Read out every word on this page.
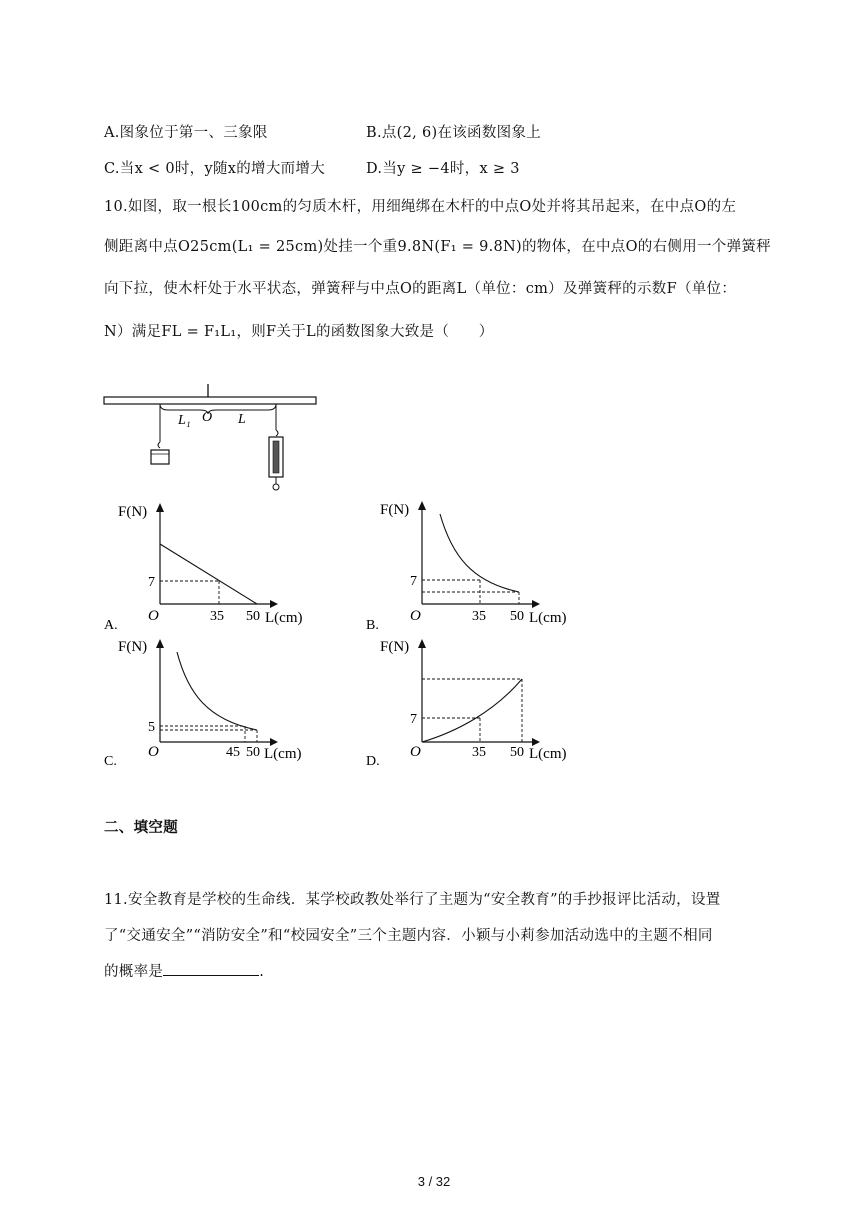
A.图象位于第一、三象限	B.点(2, 6)在该函数图象上
C.当x < 0时，y随x的增大而增大	D.当y ≥ −4时，x ≥ 3
10.如图，取一根长100cm的匀质木杆，用细绳绑在木杆的中点O处并将其吊起来，在中点O的左
侧距离中点O25cm(L₁ = 25cm)处挂一个重9.8N(F₁ = 9.8N)的物体，在中点O的右侧用一个弹簧秤
向下拉，使木杆处于水平状态，弹簧秤与中点O的距离L（单位：cm）及弹簧秤的示数F（单位：
N）满足FL = F₁L₁，则F关于L的函数图象大致是（　　）
L₁ O L
F(N)
7
O	35 50 L(cm)
A.
F(N)
7
O	35 50 L(cm)
B.
F(N)
5
O	45 50 L(cm)
C.
F(N)
7
O	35 50 L(cm)
D.
二、填空题
11.安全教育是学校的生命线．某学校政教处举行了主题为“安全教育”的手抄报评比活动，设置
了“交通安全”“消防安全”和“校园安全”三个主题内容．小颖与小莉参加活动选中的主题不相同
的概率是	.
3 / 32
